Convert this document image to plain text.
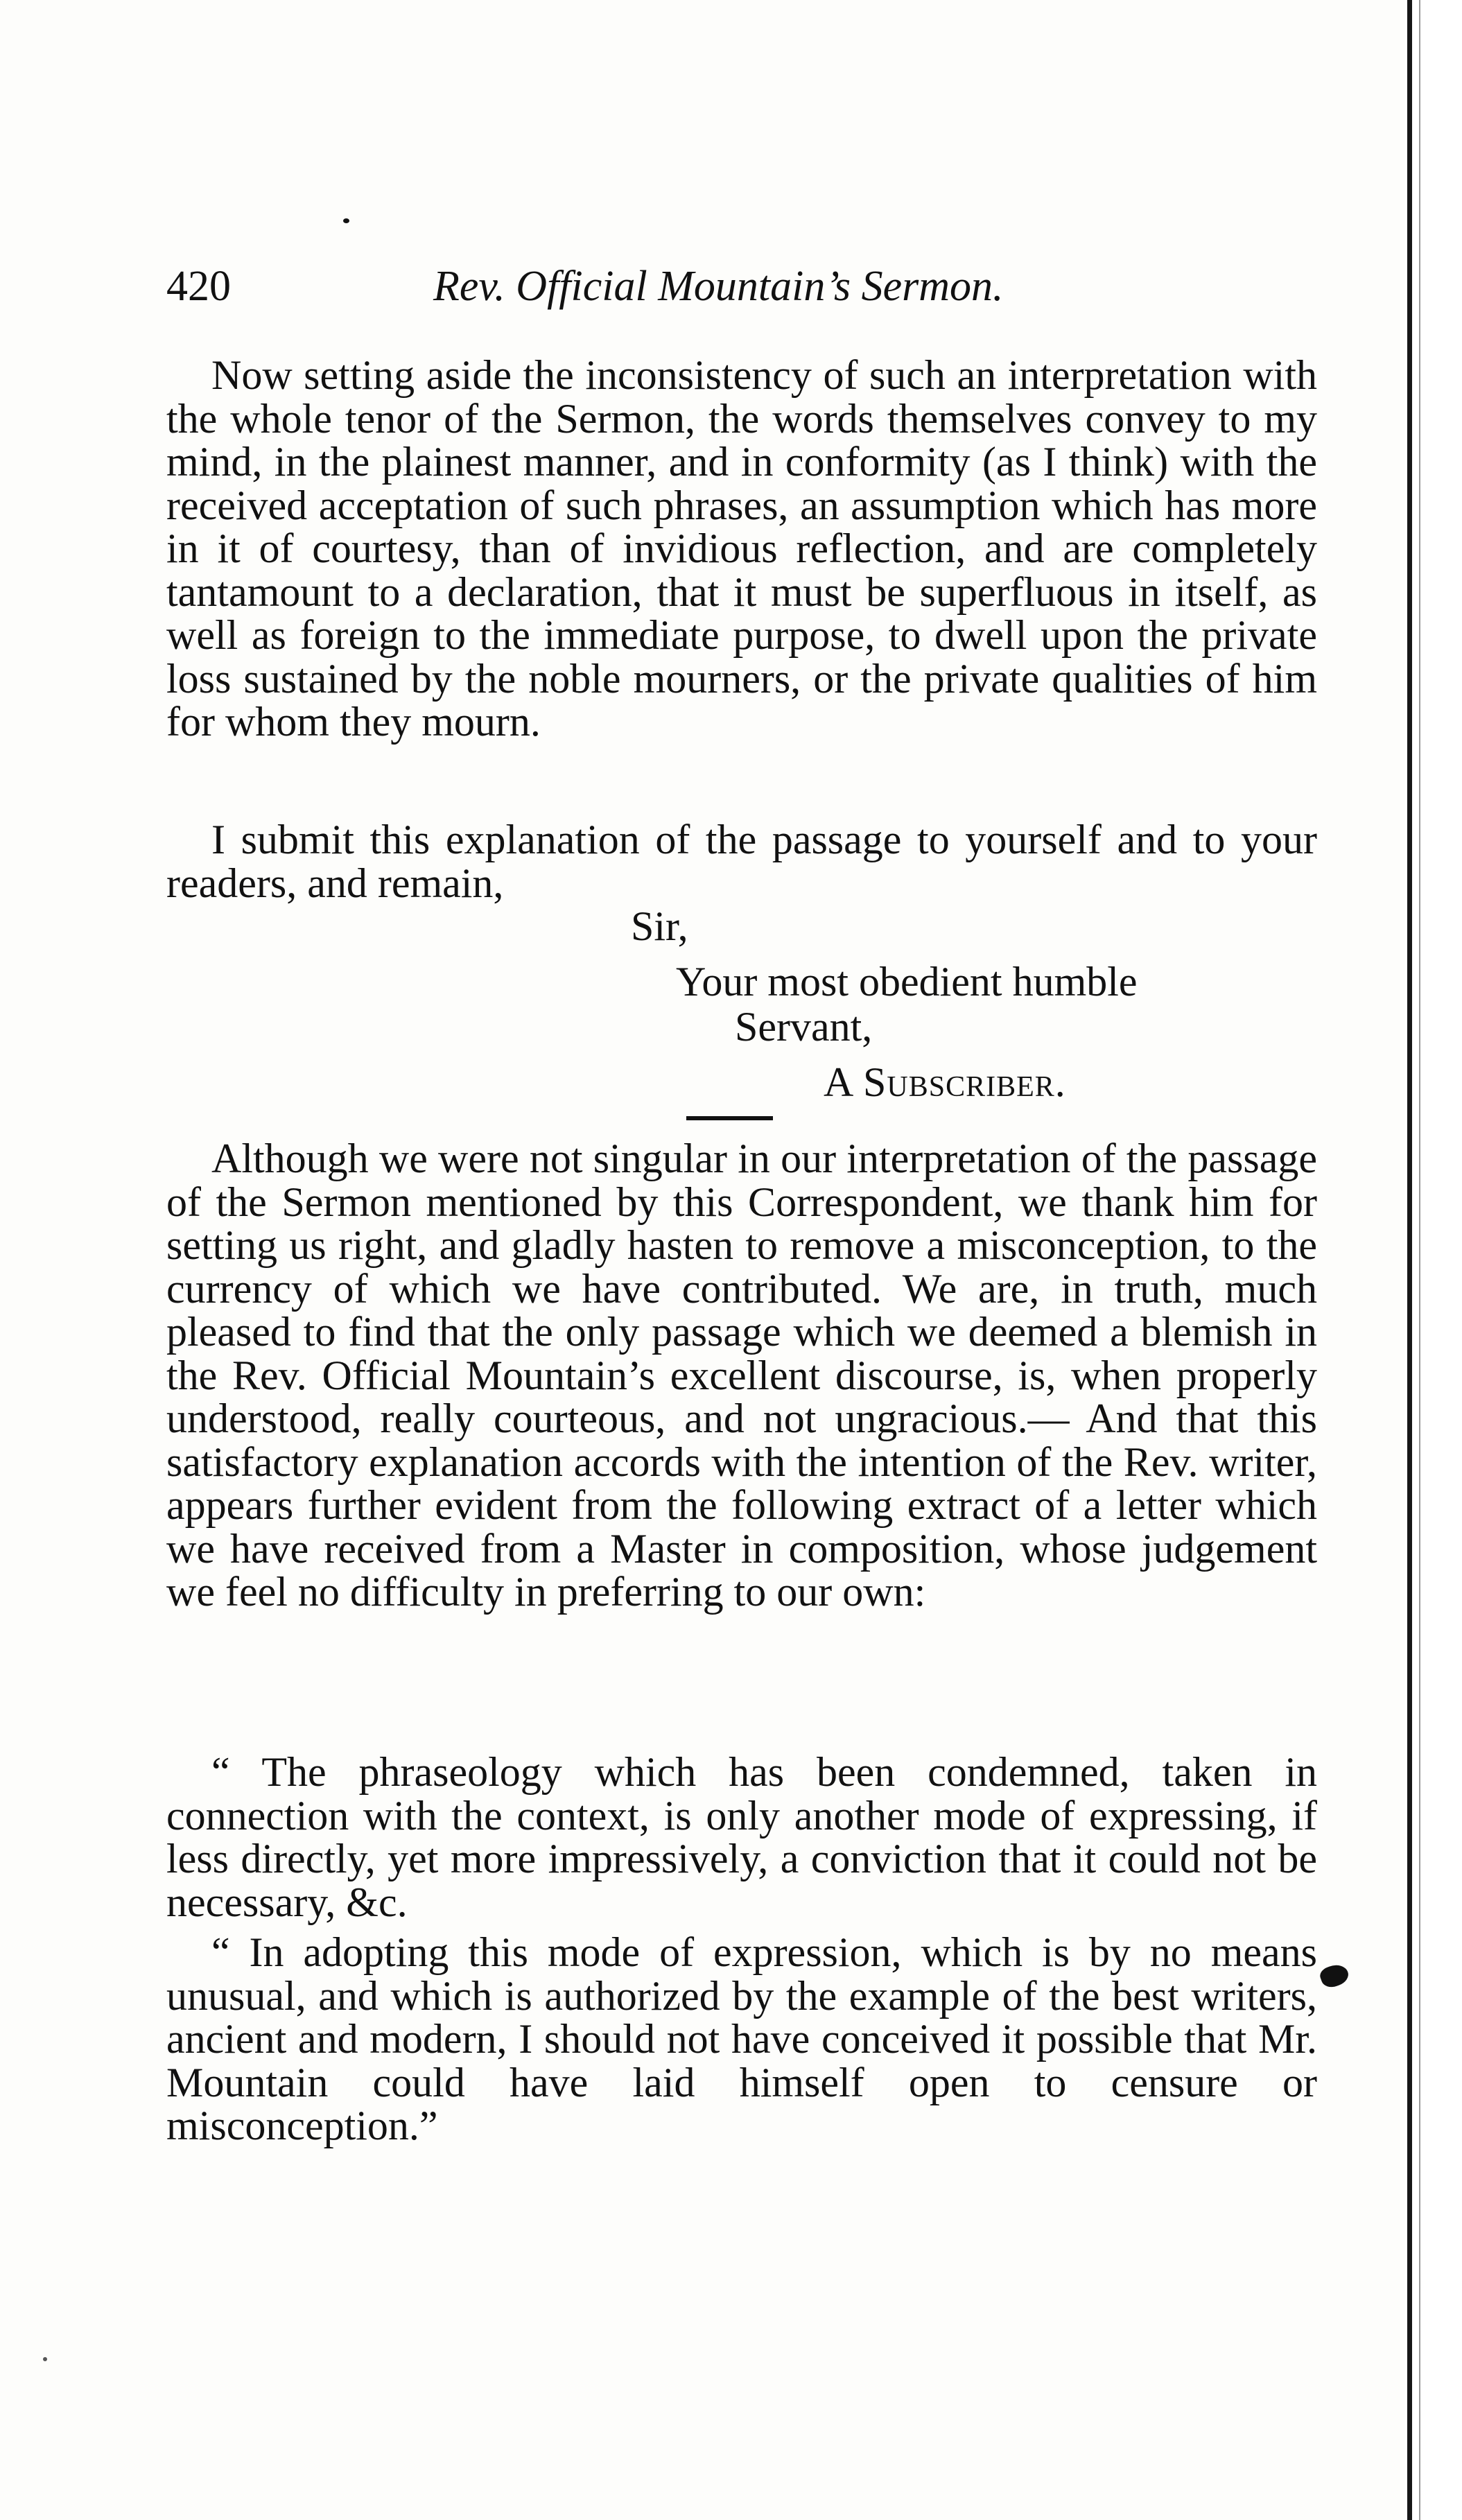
420	Rev. Official Mountain’s Sermon.

Now setting aside the inconsistency of such an interpretation with the whole tenor of the Sermon, the words themselves convey to my mind, in the plainest manner, and in conformity (as I think) with the received acceptation of such phrases, an assumption which has more in it of courtesy, than of invidious reflection, and are completely tantamount to a declaration, that it must be superfluous in itself, as well as foreign to the immediate purpose, to dwell upon the private loss sustained by the noble mourners, or the private qualities of him for whom they mourn.

I submit this explanation of the passage to yourself and to your readers, and remain,

Sir,
Your most obedient humble
Servant,
A Subscriber.

Although we were not singular in our interpretation of the passage of the Sermon mentioned by this Correspondent, we thank him for setting us right, and gladly hasten to remove a misconception, to the currency of which we have contributed. We are, in truth, much pleased to find that the only passage which we deemed a blemish in the Rev. Official Mountain’s excellent discourse, is, when properly understood, really courteous, and not ungracious.— And that this satisfactory explanation accords with the intention of the Rev. writer, appears further evident from the following extract of a letter which we have received from a Master in composition, whose judgement we feel no difficulty in preferring to our own:

“ The phraseology which has been condemned, taken in connection with the context, is only another mode of expressing, if less directly, yet more impressively, a conviction that it could not be necessary, &c.

“ In adopting this mode of expression, which is by no means unusual, and which is authorized by the example of the best writers, ancient and modern, I should not have conceived it possible that Mr. Mountain could have laid himself open to censure or misconception.”
